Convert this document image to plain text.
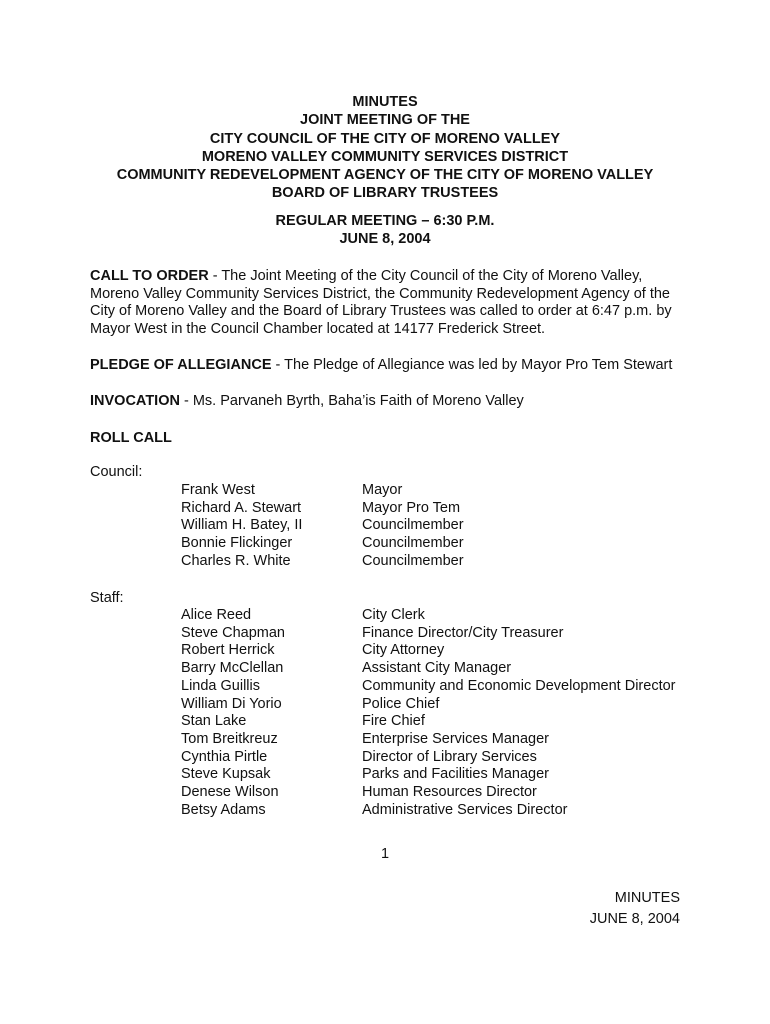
MINUTES
JOINT MEETING OF THE
CITY COUNCIL OF THE CITY OF MORENO VALLEY
MORENO VALLEY COMMUNITY SERVICES DISTRICT
COMMUNITY REDEVELOPMENT AGENCY OF THE CITY OF MORENO VALLEY
BOARD OF LIBRARY TRUSTEES
REGULAR MEETING – 6:30 P.M.
JUNE 8, 2004
CALL TO ORDER - The Joint Meeting of the City Council of the City of Moreno Valley, Moreno Valley Community Services District, the Community Redevelopment Agency of the City of Moreno Valley and the Board of Library Trustees was called to order at 6:47 p.m. by Mayor West in the Council Chamber located at 14177 Frederick Street.
PLEDGE OF ALLEGIANCE - The Pledge of Allegiance was led by Mayor Pro Tem Stewart
INVOCATION - Ms. Parvaneh Byrth, Baha’is Faith of Moreno Valley
ROLL CALL
Council:
Frank West	Mayor
Richard A. Stewart	Mayor Pro Tem
William H. Batey, II	Councilmember
Bonnie Flickinger	Councilmember
Charles R. White	Councilmember
Staff:
Alice Reed	City Clerk
Steve Chapman	Finance Director/City Treasurer
Robert Herrick	City Attorney
Barry McClellan	Assistant City Manager
Linda Guillis	Community and Economic Development Director
William Di Yorio	Police Chief
Stan Lake	Fire Chief
Tom Breitkreuz	Enterprise Services Manager
Cynthia Pirtle	Director of Library Services
Steve Kupsak	Parks and Facilities Manager
Denese Wilson	Human Resources Director
Betsy Adams	Administrative Services Director
1
MINUTES
JUNE 8, 2004
